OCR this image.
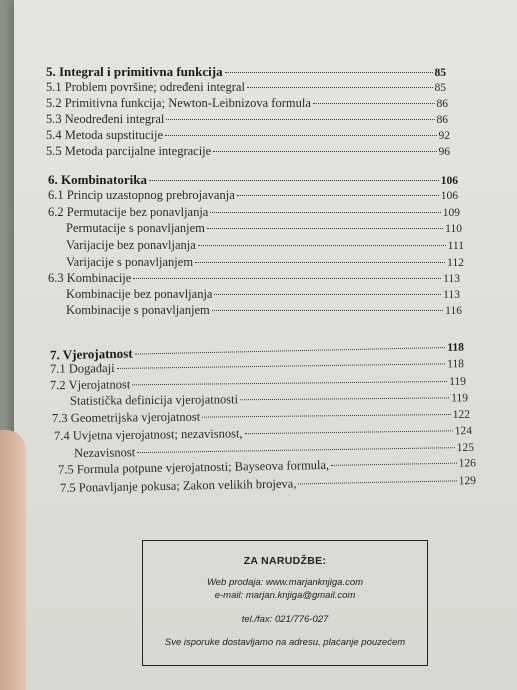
5. Integral i primitivna funkcija	85
5.1 Problem površine; određeni integral	85
5.2 Primitivna funkcija; Newton-Leibnizova formula	86
5.3 Neodređeni integral	86
5.4 Metoda supstitucije	92
5.5 Metoda parcijalne integracije	96
6. Kombinatorika	106
6.1 Princip uzastopnog prebrojavanja	106
6.2 Permutacije bez ponavljanja	109
Permutacije s ponavljanjem	110
Varijacije bez ponavljanja	111
Varijacije s ponavljanjem	112
6.3 Kombinacije	113
Kombinacije bez ponavljanja	113
Kombinacije s ponavljanjem	116
7. Vjerojatnost	118
7.1 Događaji	118
7.2 Vjerojatnost	119
Statistička definicija vjerojatnosti	119
7.3 Geometrijska vjerojatnost	122
7.4 Uvjetna vjerojatnost; nezavisnost,	124
Nezavisnost	125
7.5 Formula potpune vjerojatnosti; Bayseova formula,	126
7.5 Ponavljanje pokusa; Zakon velikih brojeva,	129
ZA NARUDŽBE:
Web prodaja: www.marjanknjiga.com
e-mail: marjan.knjiga@gmail.com
tel./fax: 021/776-027
Sve isporuke dostavljamo na adresu, plaćanje pouzećem
